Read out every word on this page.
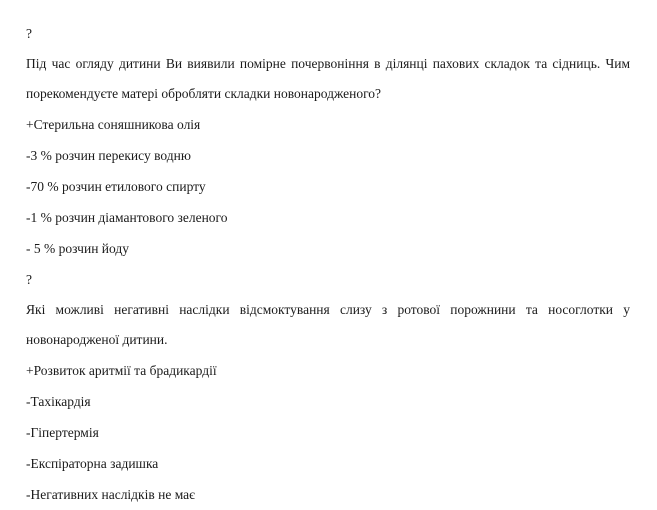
?
Під час огляду дитини Ви виявили помірне почервоніння в ділянці пахових складок та сідниць. Чим порекомендуєте матері обробляти складки новонародженого?
+Стерильна соняшникова олія
-3 % розчин перекису водню
-70 % розчин етилового спирту
-1 % розчин діамантового зеленого
- 5 % розчин йоду
?
Які можливі негативні наслідки відсмоктування слизу з ротової порожнини та носоглотки у новонародженої дитини.
+Розвиток аритмії та брадикардії
-Тахікардія
-Гіпертермія
-Експіраторна задишка
-Негативних наслідків не має
